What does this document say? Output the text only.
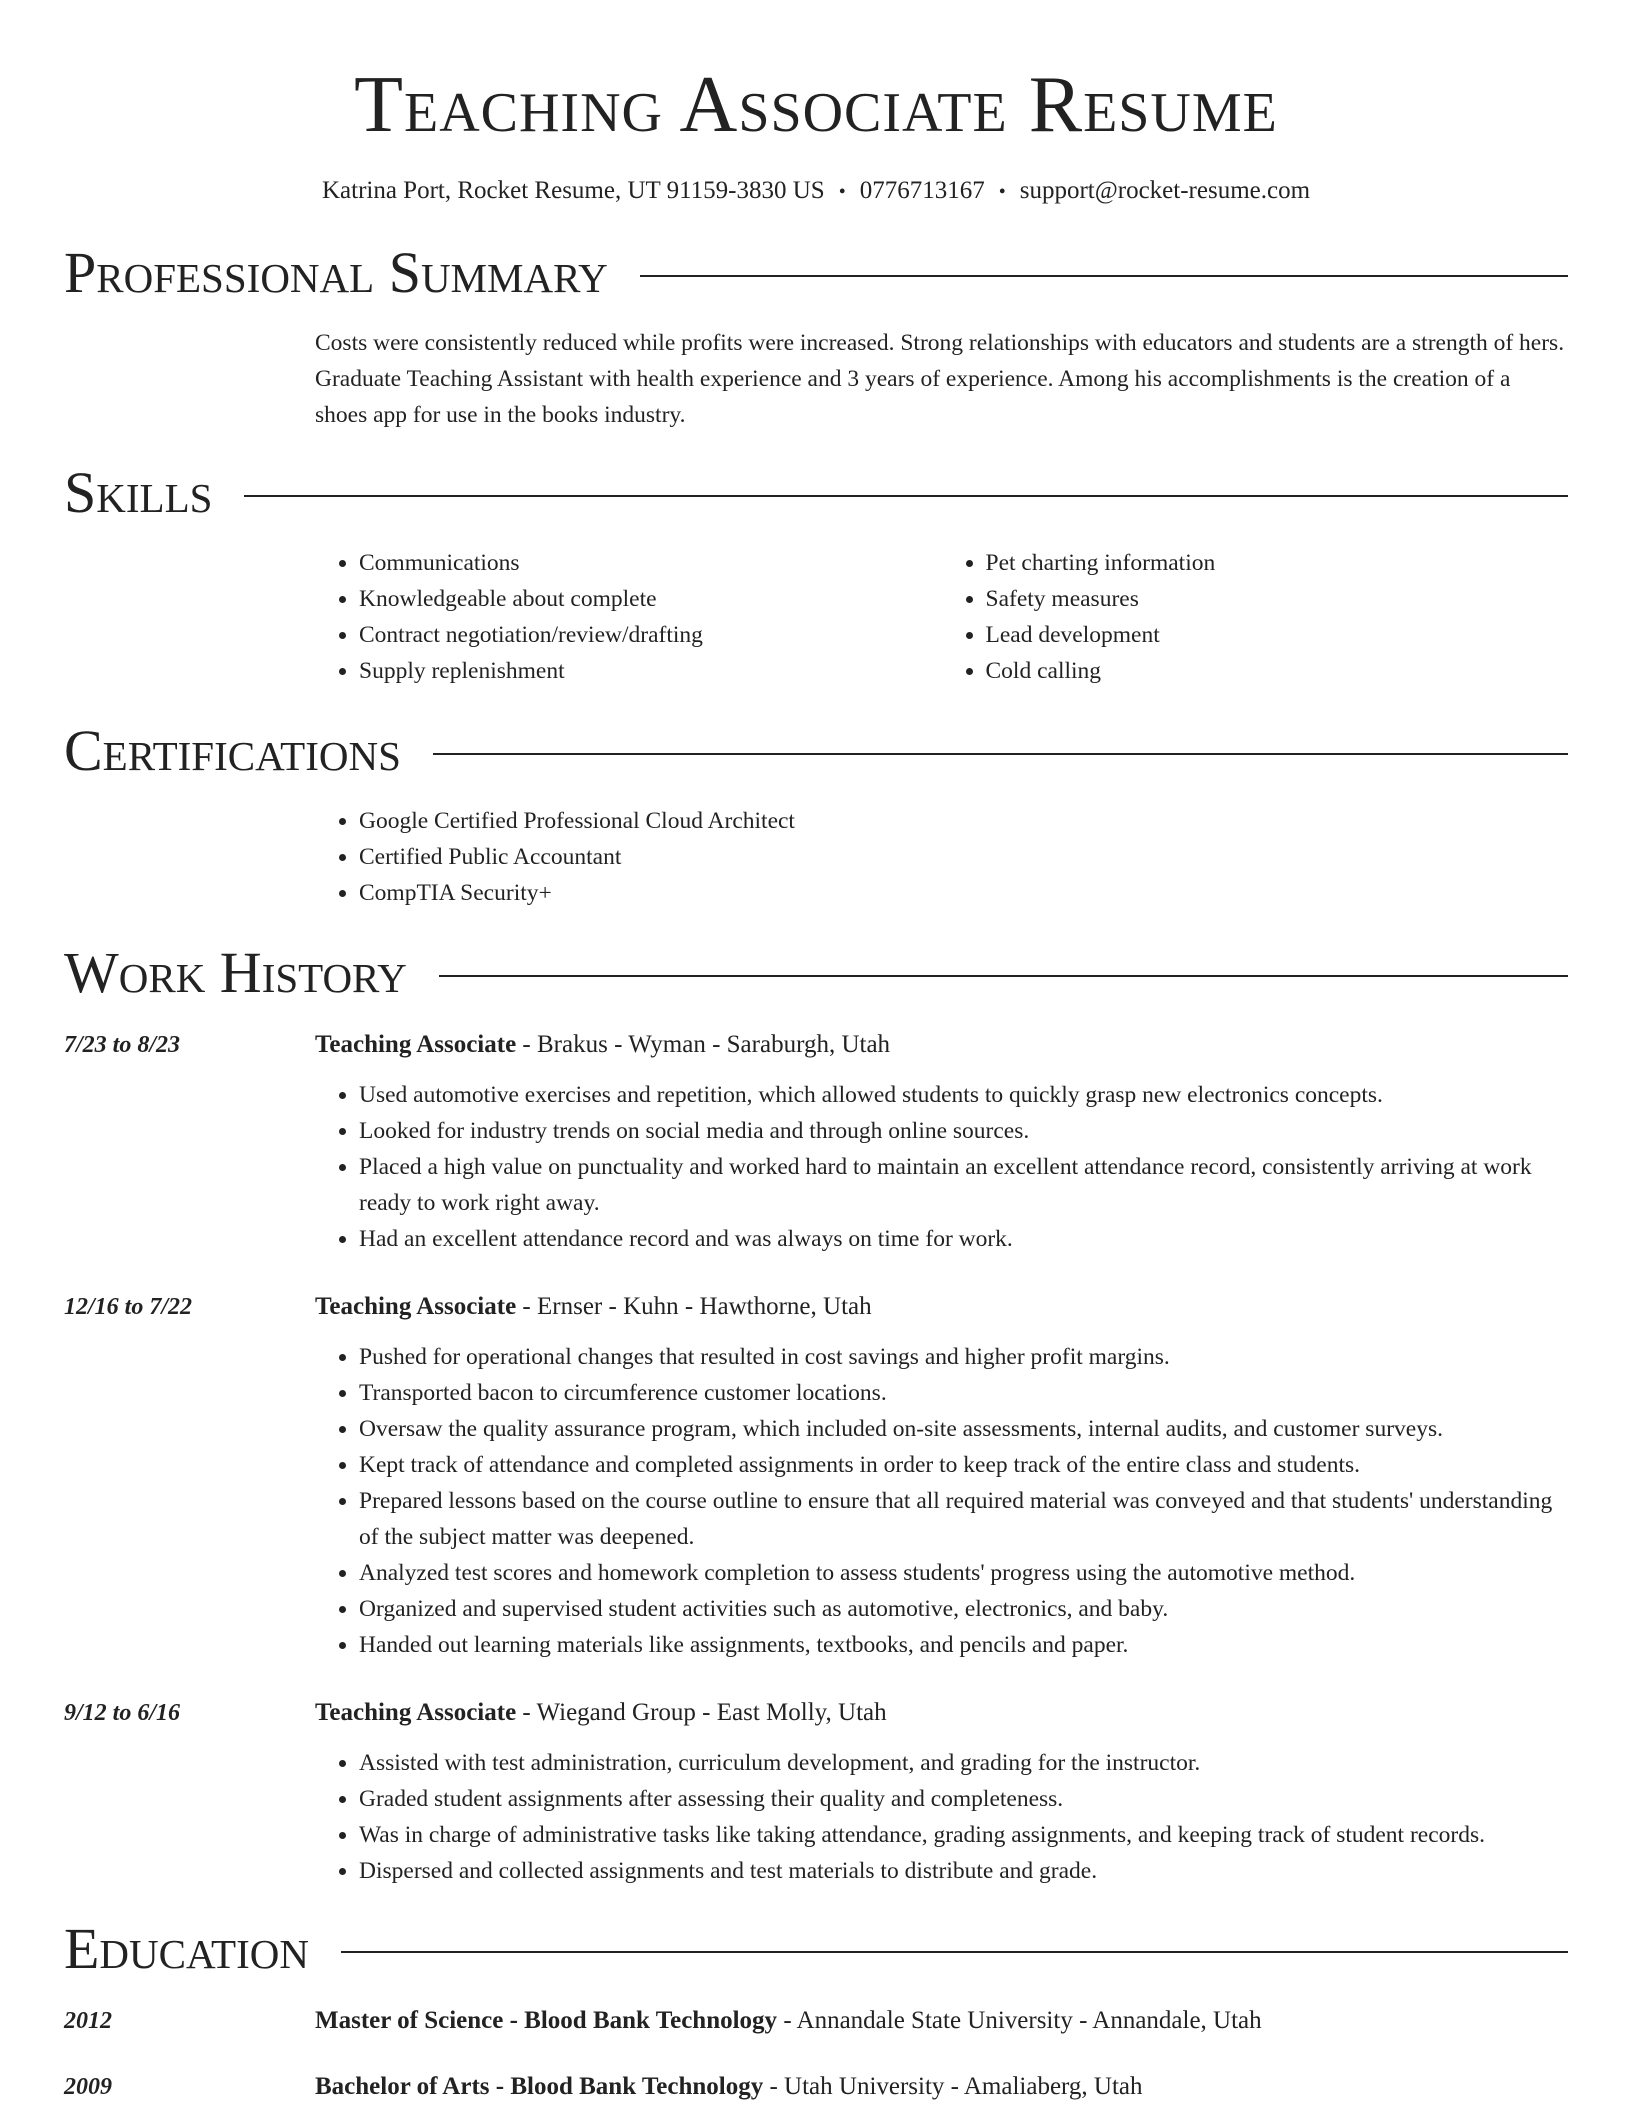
Teaching Associate Resume
Katrina Port, Rocket Resume, UT 91159-3830 US • 0776713167 • support@rocket-resume.com
Professional Summary
Costs were consistently reduced while profits were increased. Strong relationships with educators and students are a strength of hers. Graduate Teaching Assistant with health experience and 3 years of experience. Among his accomplishments is the creation of a shoes app for use in the books industry.
Skills
• Communications
• Knowledgeable about complete
• Contract negotiation/review/drafting
• Supply replenishment
• Pet charting information
• Safety measures
• Lead development
• Cold calling
Certifications
• Google Certified Professional Cloud Architect
• Certified Public Accountant
• CompTIA Security+
Work History
7/23 to 8/23	Teaching Associate - Brakus - Wyman - Saraburgh, Utah
• Used automotive exercises and repetition, which allowed students to quickly grasp new electronics concepts.
• Looked for industry trends on social media and through online sources.
• Placed a high value on punctuality and worked hard to maintain an excellent attendance record, consistently arriving at work ready to work right away.
• Had an excellent attendance record and was always on time for work.
12/16 to 7/22	Teaching Associate - Ernser - Kuhn - Hawthorne, Utah
• Pushed for operational changes that resulted in cost savings and higher profit margins.
• Transported bacon to circumference customer locations.
• Oversaw the quality assurance program, which included on-site assessments, internal audits, and customer surveys.
• Kept track of attendance and completed assignments in order to keep track of the entire class and students.
• Prepared lessons based on the course outline to ensure that all required material was conveyed and that students' understanding of the subject matter was deepened.
• Analyzed test scores and homework completion to assess students' progress using the automotive method.
• Organized and supervised student activities such as automotive, electronics, and baby.
• Handed out learning materials like assignments, textbooks, and pencils and paper.
9/12 to 6/16	Teaching Associate - Wiegand Group - East Molly, Utah
• Assisted with test administration, curriculum development, and grading for the instructor.
• Graded student assignments after assessing their quality and completeness.
• Was in charge of administrative tasks like taking attendance, grading assignments, and keeping track of student records.
• Dispersed and collected assignments and test materials to distribute and grade.
Education
2012	Master of Science - Blood Bank Technology - Annandale State University - Annandale, Utah
2009	Bachelor of Arts - Blood Bank Technology - Utah University - Amaliaberg, Utah
